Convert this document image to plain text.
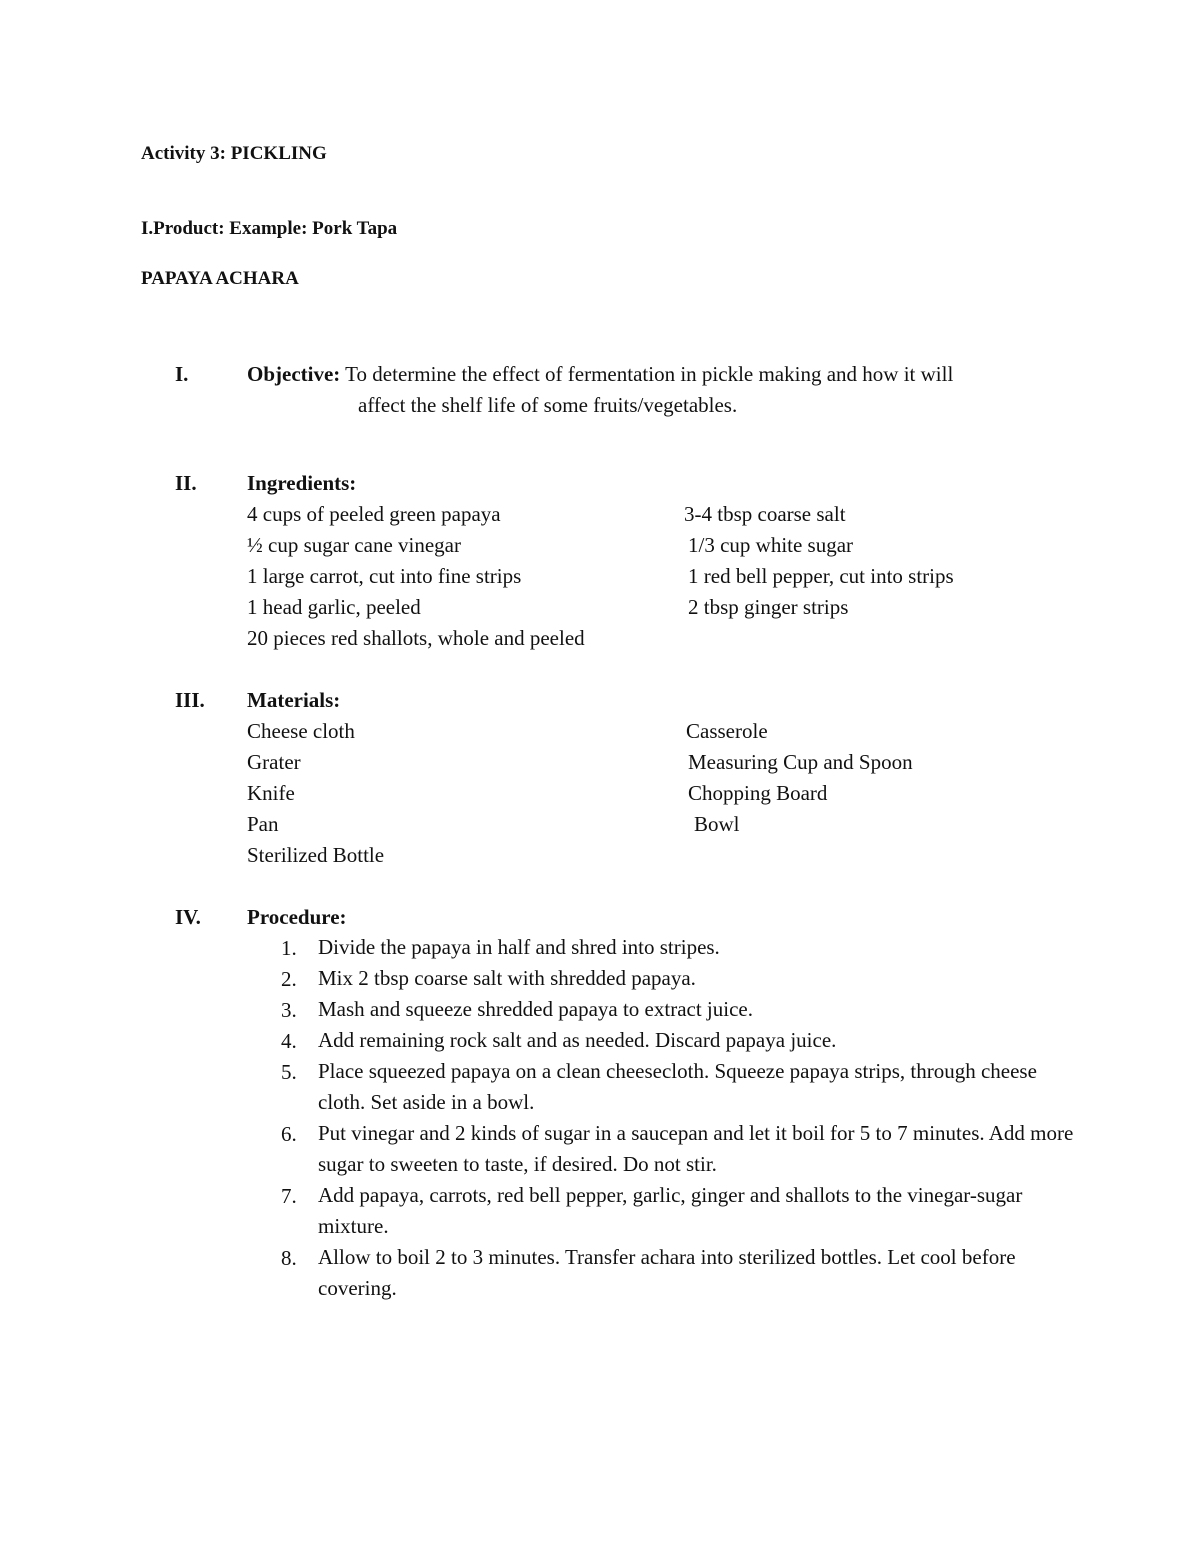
Activity 3: PICKLING
I.Product: Example: Pork Tapa
PAPAYA ACHARA
I.	Objective: To determine the effect of fermentation in pickle making and how it will
affect the shelf life of some fruits/vegetables.
II. Ingredients:
4 cups of peeled green papaya
½ cup sugar cane vinegar
1 large carrot, cut into fine strips
1 head garlic, peeled
20 pieces red shallots, whole and peeled
3-4 tbsp coarse salt
1/3 cup white sugar
1 red bell pepper, cut into strips
2 tbsp ginger strips
III. Materials:
Cheese cloth
Grater
Knife
Pan
Sterilized Bottle
Casserole
Measuring Cup and Spoon
Chopping Board
Bowl
IV. Procedure:
1. Divide the papaya in half and shred into stripes.
2. Mix 2 tbsp coarse salt with shredded papaya.
3. Mash and squeeze shredded papaya to extract juice.
4. Add remaining rock salt and as needed. Discard papaya juice.
5. Place squeezed papaya on a clean cheesecloth. Squeeze papaya strips, through cheese cloth. Set aside in a bowl.
6. Put vinegar and 2 kinds of sugar in a saucepan and let it boil for 5 to 7 minutes. Add more sugar to sweeten to taste, if desired. Do not stir.
7. Add papaya, carrots, red bell pepper, garlic, ginger and shallots to the vinegar-sugar mixture.
8. Allow to boil 2 to 3 minutes. Transfer achara into sterilized bottles. Let cool before covering.
